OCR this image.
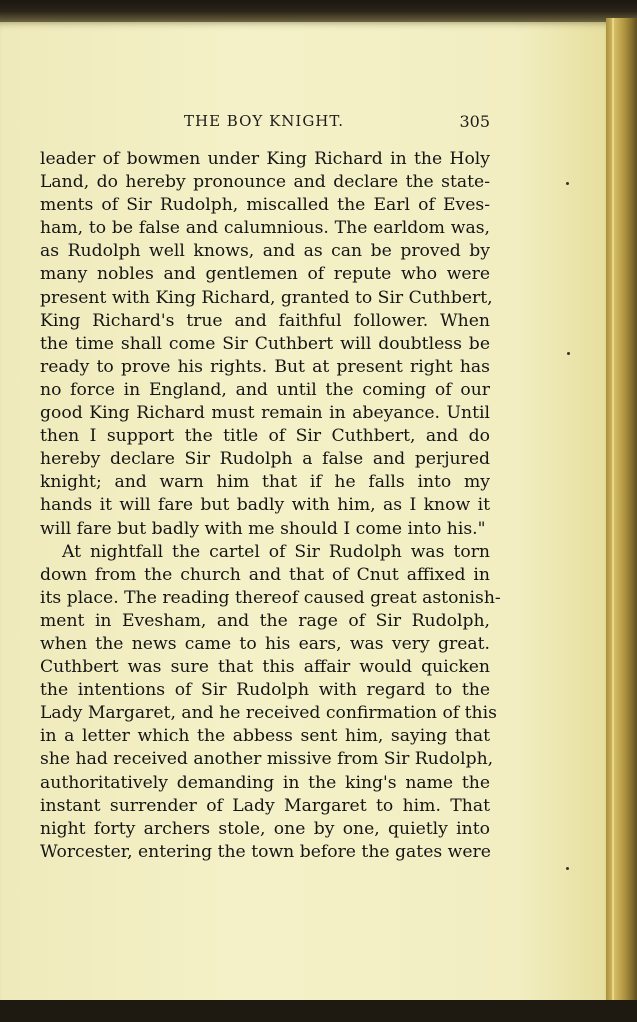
THE BOY KNIGHT.	305
leader of bowmen under King Richard in the Holy
Land, do hereby pronounce and declare the state-
ments of Sir Rudolph, miscalled the Earl of Eves-
ham, to be false and calumnious. The earldom was,
as Rudolph well knows, and as can be proved by
many nobles and gentlemen of repute who were
present with King Richard, granted to Sir Cuthbert,
King Richard's true and faithful follower. When
the time shall come Sir Cuthbert will doubtless be
ready to prove his rights. But at present right has
no force in England, and until the coming of our
good King Richard must remain in abeyance. Until
then I support the title of Sir Cuthbert, and do
hereby declare Sir Rudolph a false and perjured
knight; and warn him that if he falls into my
hands it will fare but badly with him, as I know it
will fare but badly with me should I come into his."
At nightfall the cartel of Sir Rudolph was torn
down from the church and that of Cnut affixed in
its place. The reading thereof caused great astonish-
ment in Evesham, and the rage of Sir Rudolph,
when the news came to his ears, was very great.
Cuthbert was sure that this affair would quicken
the intentions of Sir Rudolph with regard to the
Lady Margaret, and he received confirmation of this
in a letter which the abbess sent him, saying that
she had received another missive from Sir Rudolph,
authoritatively demanding in the king's name the
instant surrender of Lady Margaret to him. That
night forty archers stole, one by one, quietly into
Worcester, entering the town before the gates were
